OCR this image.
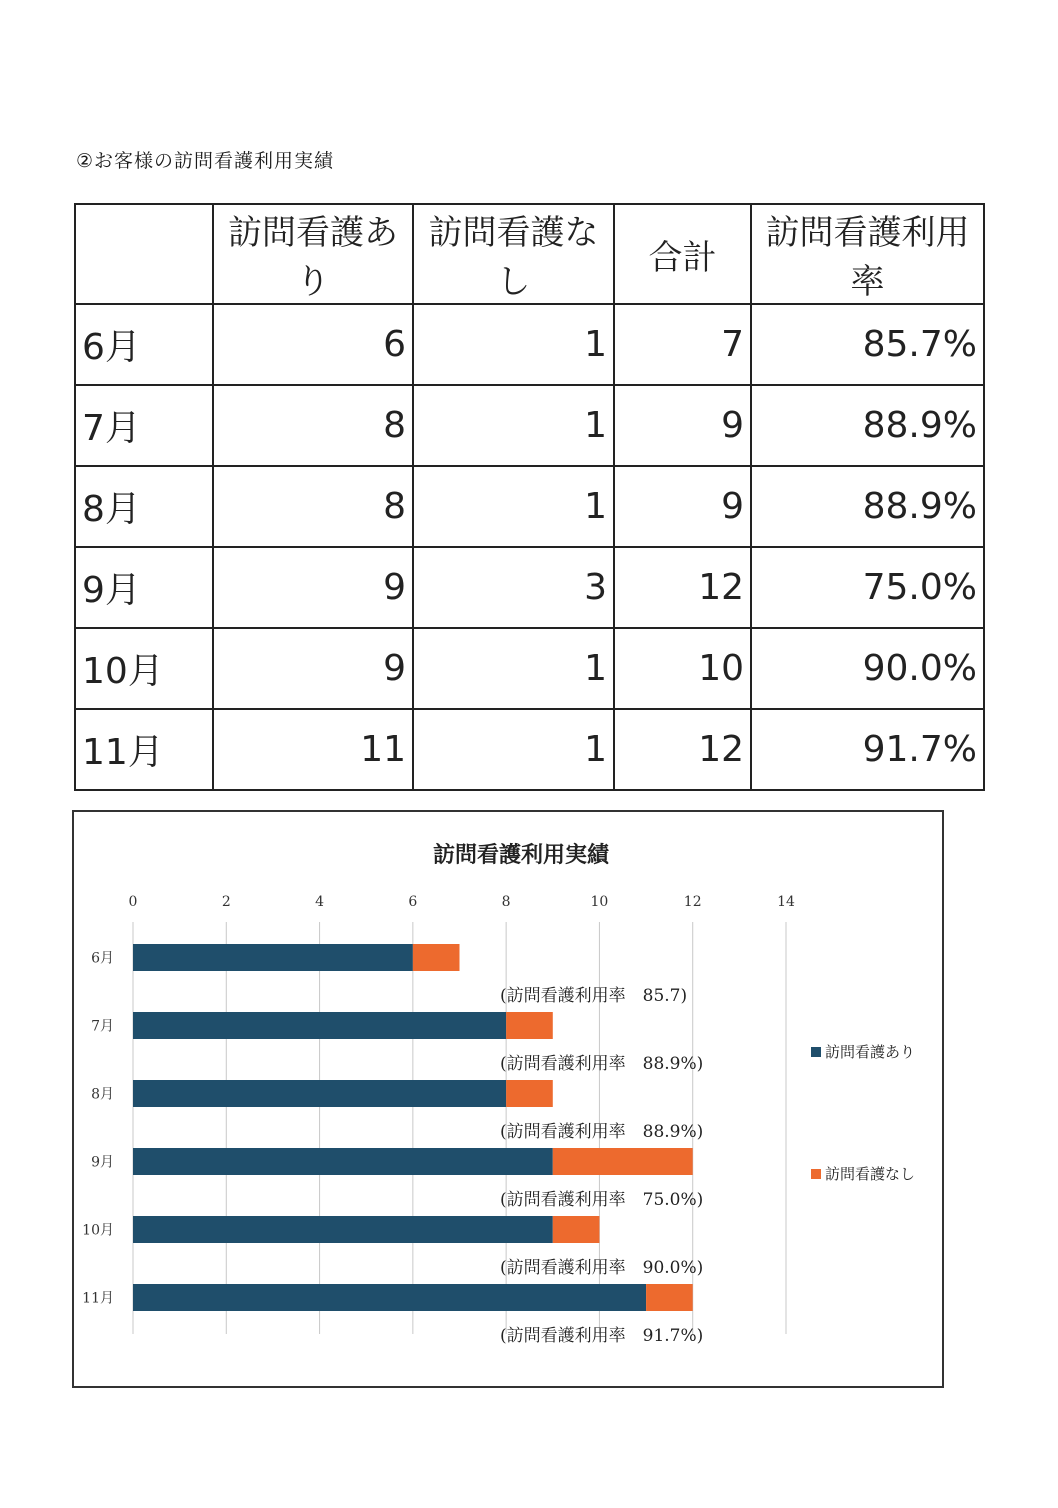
②お客様の訪問看護利用実績
	訪問看護あり	訪問看護なし	合計	訪問看護利用率
6月	6	1	7	85.7%
7月	8	1	9	88.9%
8月	8	1	9	88.9%
9月	9	3	12	75.0%
10月	9	1	10	90.0%
11月	11	1	12	91.7%
訪問看護利用実績
0	2	4	6	8	10	12	14
6月
(訪問看護利用率　85.7)
7月
(訪問看護利用率　88.9%)
8月
(訪問看護利用率　88.9%)
9月
(訪問看護利用率　75.0%)
10月
(訪問看護利用率　90.0%)
11月
(訪問看護利用率　91.7%)
訪問看護あり
訪問看護なし
